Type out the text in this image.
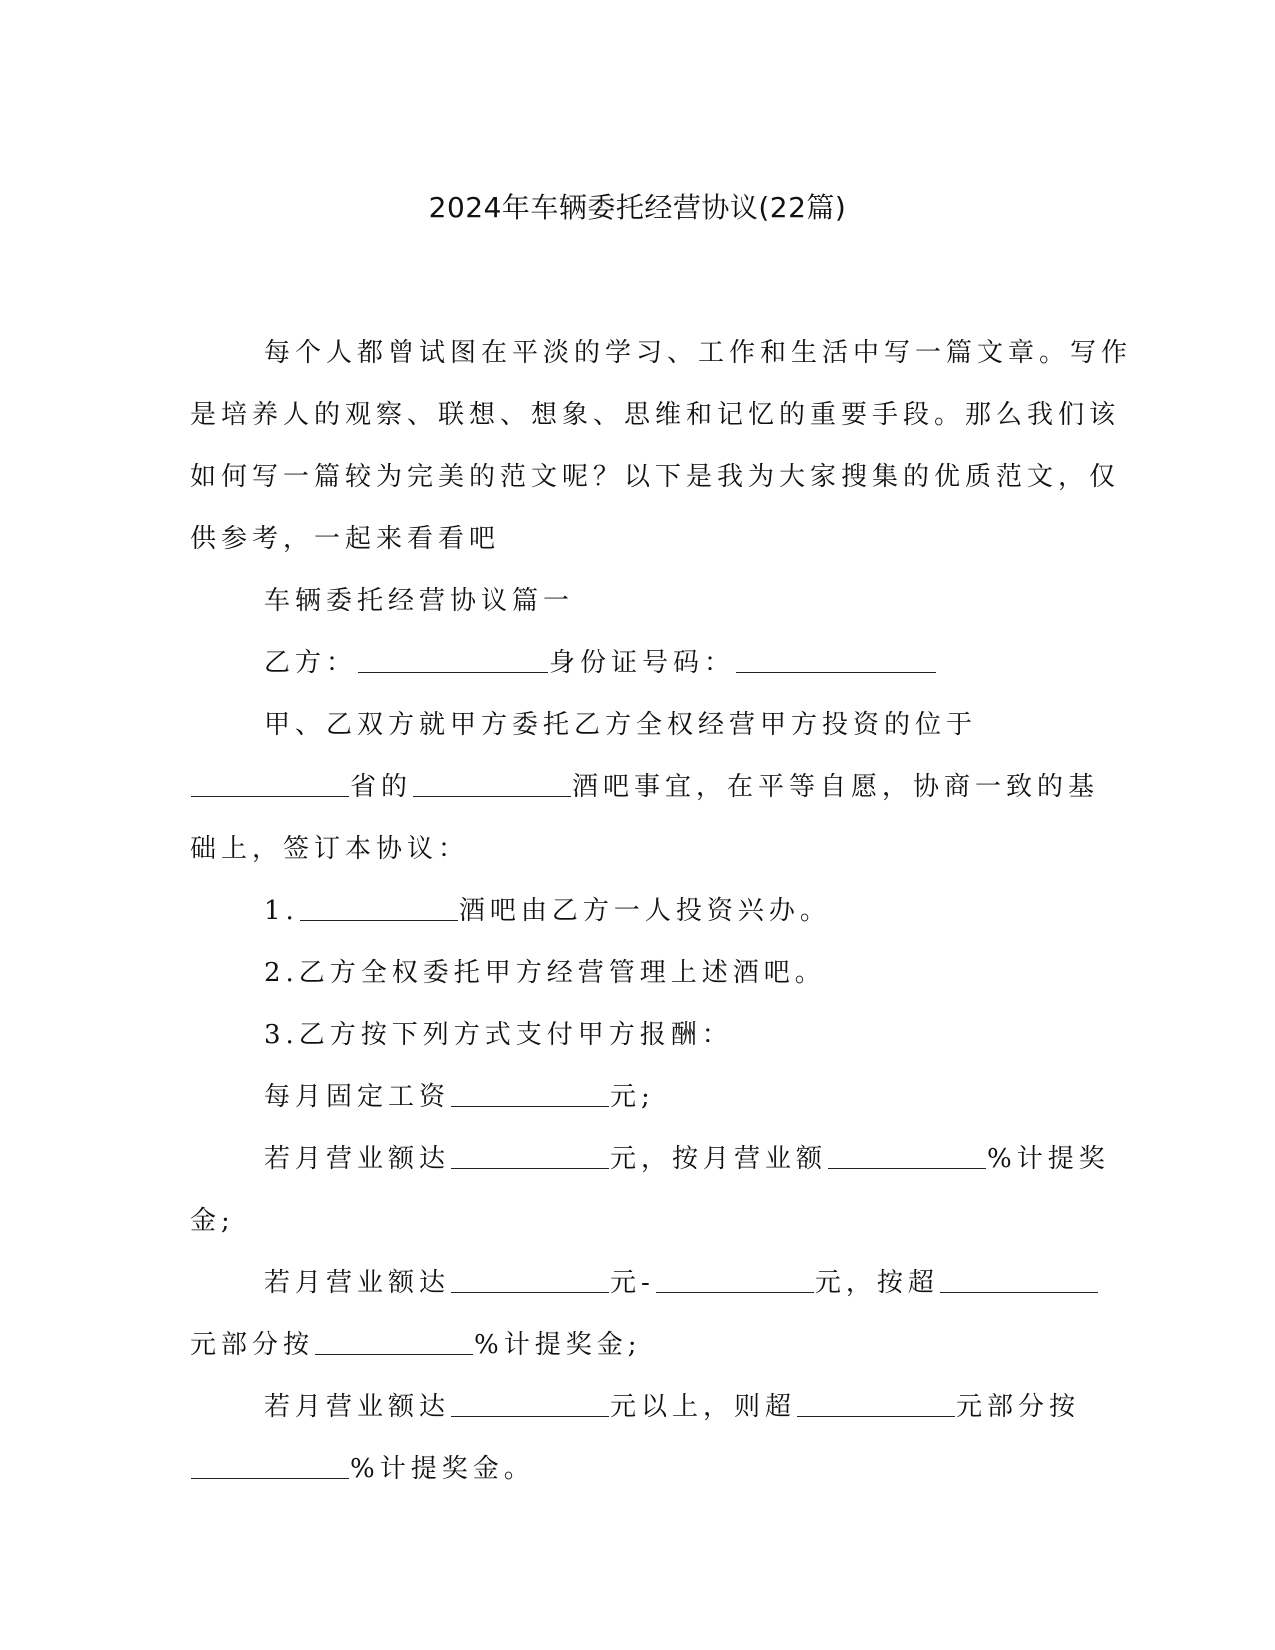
2024年车辆委托经营协议(22篇)

每个人都曾试图在平淡的学习、工作和生活中写一篇文章。写作

是培养人的观察、联想、想象、思维和记忆的重要手段。那么我们该

如何写一篇较为完美的范文呢？以下是我为大家搜集的优质范文，仅

供参考，一起来看看吧

车辆委托经营协议篇一

乙方：	身份证号码：

甲、乙双方就甲方委托乙方全权经营甲方投资的位于

省的	酒吧事宜，在平等自愿，协商一致的基

础上，签订本协议：

1.	酒吧由乙方一人投资兴办。

2.乙方全权委托甲方经营管理上述酒吧。

3.乙方按下列方式支付甲方报酬：

每月固定工资	元;

若月营业额达	元，按月营业额	%计提奖

金;

若月营业额达	元-	元，按超

元部分按	%计提奖金;

若月营业额达	元以上，则超	元部分按

%计提奖金。
